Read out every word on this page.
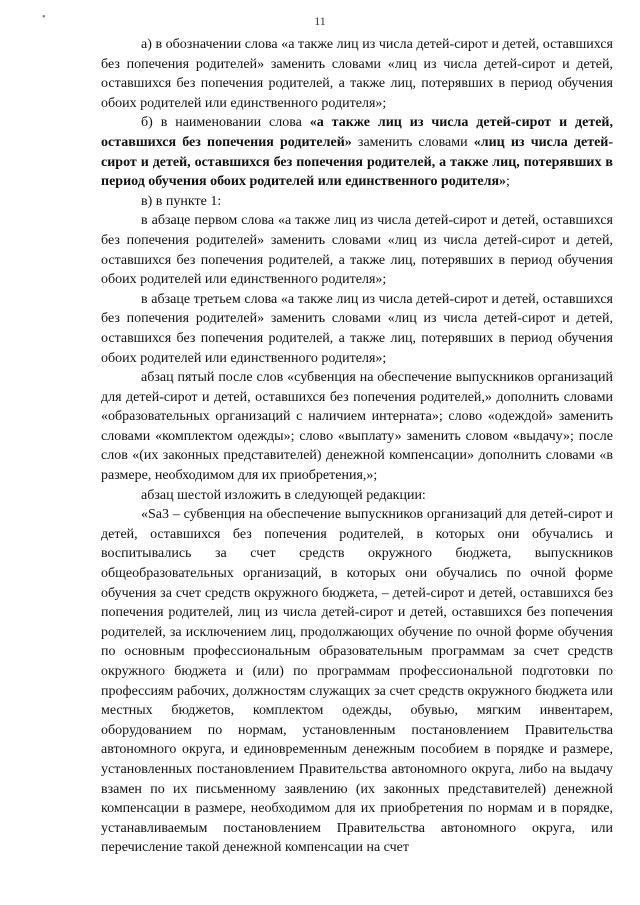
•	11

а) в обозначении слова «а также лиц из числа детей-сирот и детей, оставшихся без попечения родителей» заменить словами «лиц из числа детей-сирот и детей, оставшихся без попечения родителей, а также лиц, потерявших в период обучения обоих родителей или единственного родителя»;

б) в наименовании слова «а также лиц из числа детей-сирот и детей, оставшихся без попечения родителей» заменить словами «лиц из числа детей-сирот и детей, оставшихся без попечения родителей, а также лиц, потерявших в период обучения обоих родителей или единственного родителя»;

в) в пункте 1:

в абзаце первом слова «а также лиц из числа детей-сирот и детей, оставшихся без попечения родителей» заменить словами «лиц из числа детей-сирот и детей, оставшихся без попечения родителей, а также лиц, потерявших в период обучения обоих родителей или единственного родителя»;

в абзаце третьем слова «а также лиц из числа детей-сирот и детей, оставшихся без попечения родителей» заменить словами «лиц из числа детей-сирот и детей, оставшихся без попечения родителей, а также лиц, потерявших в период обучения обоих родителей или единственного родителя»;

абзац пятый после слов «субвенция на обеспечение выпускников организаций для детей-сирот и детей, оставшихся без попечения родителей,» дополнить словами «образовательных организаций с наличием интерната»; слово «одеждой» заменить словами «комплектом одежды»; слово «выплату» заменить словом «выдачу»; после слов «(их законных представителей) денежной компенсации» дополнить словами «в размере, необходимом для их приобретения,»;

абзац шестой изложить в следующей редакции:

«Sa3 – субвенция на обеспечение выпускников организаций для детей-сирот и детей, оставшихся без попечения родителей, в которых они обучались и воспитывались за счет средств окружного бюджета, выпускников общеобразовательных организаций, в которых они обучались по очной форме обучения за счет средств окружного бюджета, – детей-сирот и детей, оставшихся без попечения родителей, лиц из числа детей-сирот и детей, оставшихся без попечения родителей, за исключением лиц, продолжающих обучение по очной форме обучения по основным профессиональным образовательным программам за счет средств окружного бюджета и (или) по программам профессиональной подготовки по профессиям рабочих, должностям служащих за счет средств окружного бюджета или местных бюджетов, комплектом одежды, обувью, мягким инвентарем, оборудованием по нормам, установленным постановлением Правительства автономного округа, и единовременным денежным пособием в порядке и размере, установленных постановлением Правительства автономного округа, либо на выдачу взамен по их письменному заявлению (их законных представителей) денежной компенсации в размере, необходимом для их приобретения по нормам и в порядке, устанавливаемым постановлением Правительства автономного округа, или перечисление такой денежной компенсации на счет
